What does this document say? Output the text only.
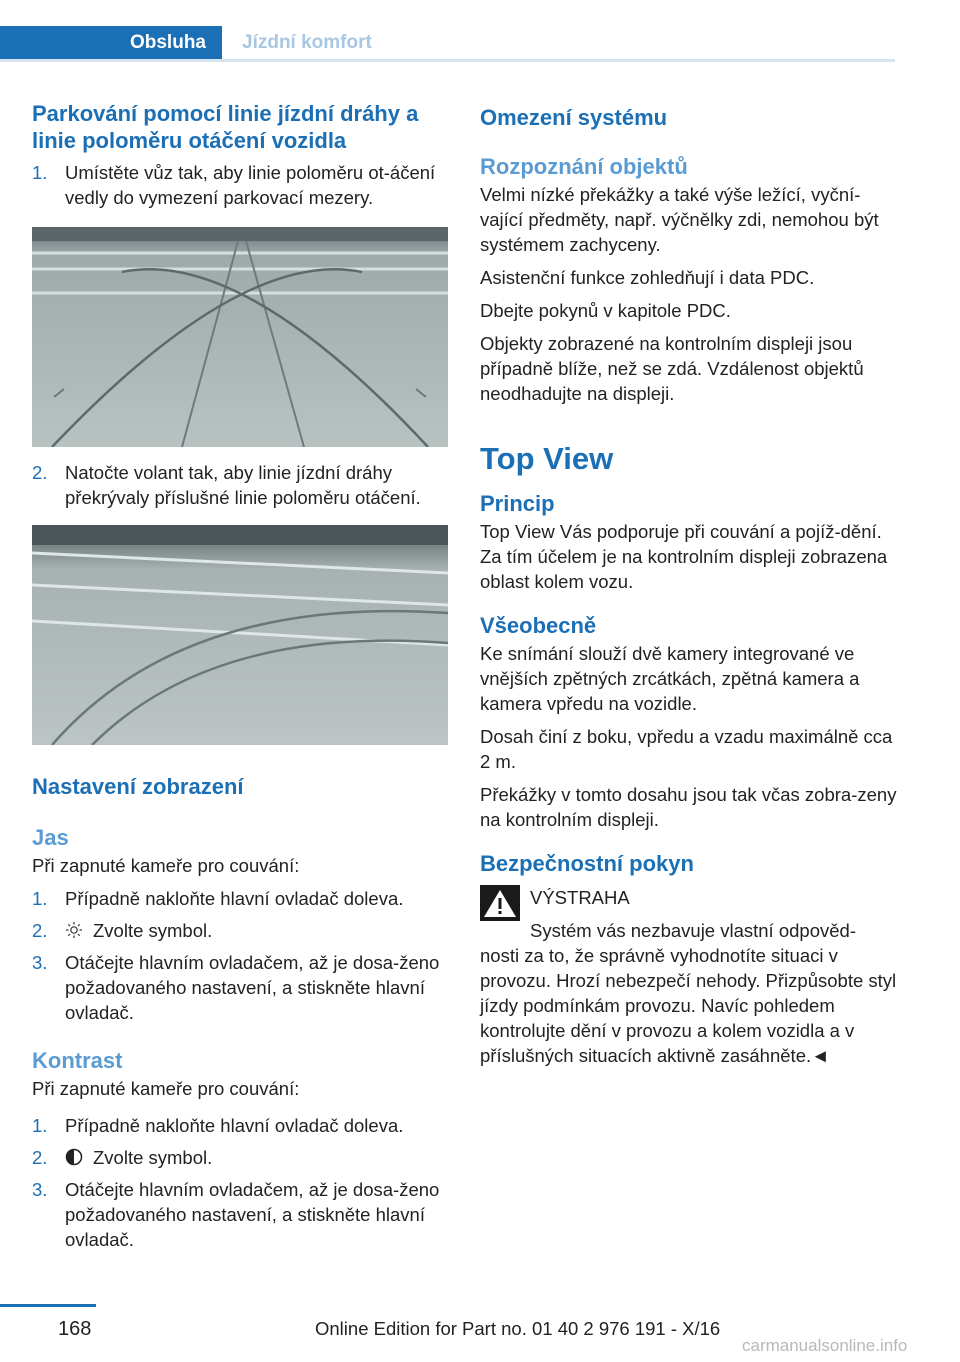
Obsluha	Jízdní komfort
Parkování pomocí linie jízdní dráhy a linie poloměru otáčení vozidla
1. Umístěte vůz tak, aby linie poloměru ot‐áčení vedly do vymezení parkovací mezery.
2. Natočte volant tak, aby linie jízdní dráhy překrývaly příslušné linie poloměru otáčení.
Nastavení zobrazení
Jas

Při zapnuté kameře pro couvání:

1. Případně nakloňte hlavní ovladač doleva.
2. Zvolte symbol.
3. Otáčejte hlavním ovladačem, až je dosa‐ženo požadovaného nastavení, a stiskněte hlavní ovladač.
Kontrast

Při zapnuté kameře pro couvání:

1. Případně nakloňte hlavní ovladač doleva.
2. Zvolte symbol.
3. Otáčejte hlavním ovladačem, až je dosa‐ženo požadovaného nastavení, a stiskněte hlavní ovladač.
Omezení systému
Rozpoznání objektů

Velmi nízké překážky a také výše ležící, vyční‐vající předměty, např. výčnělky zdi, nemohou být systémem zachyceny.

Asistenční funkce zohledňují i data PDC.

Dbejte pokynů v kapitole PDC.

Objekty zobrazené na kontrolním displeji jsou případně blíže, než se zdá. Vzdálenost objektů neodhadujte na displeji.

Top View
Princip

Top View Vás podporuje při couvání a pojíž‐dění. Za tím účelem je na kontrolním displeji zobrazena oblast kolem vozu.

Všeobecně

Ke snímání slouží dvě kamery integrované ve vnějších zpětných zrcátkách, zpětná kamera a kamera vpředu na vozidle.

Dosah činí z boku, vpředu a vzadu maximálně cca 2 m.

Překážky v tomto dosahu jsou tak včas zobra‐zeny na kontrolním displeji.

Bezpečnostní pokyn

VÝSTRAHA

Systém vás nezbavuje vlastní odpověd‐

nosti za to, že správně vyhodnotíte situaci v provozu. Hrozí nebezpečí nehody. Přizpůsobte styl jízdy podmínkám provozu. Navíc pohledem kontrolujte dění v provozu a kolem vozidla a v příslušných situacích aktivně zasáhněte.◄

168	Online Edition for Part no. 01 40 2 976 191 - X/16
carmanualsonline.info
